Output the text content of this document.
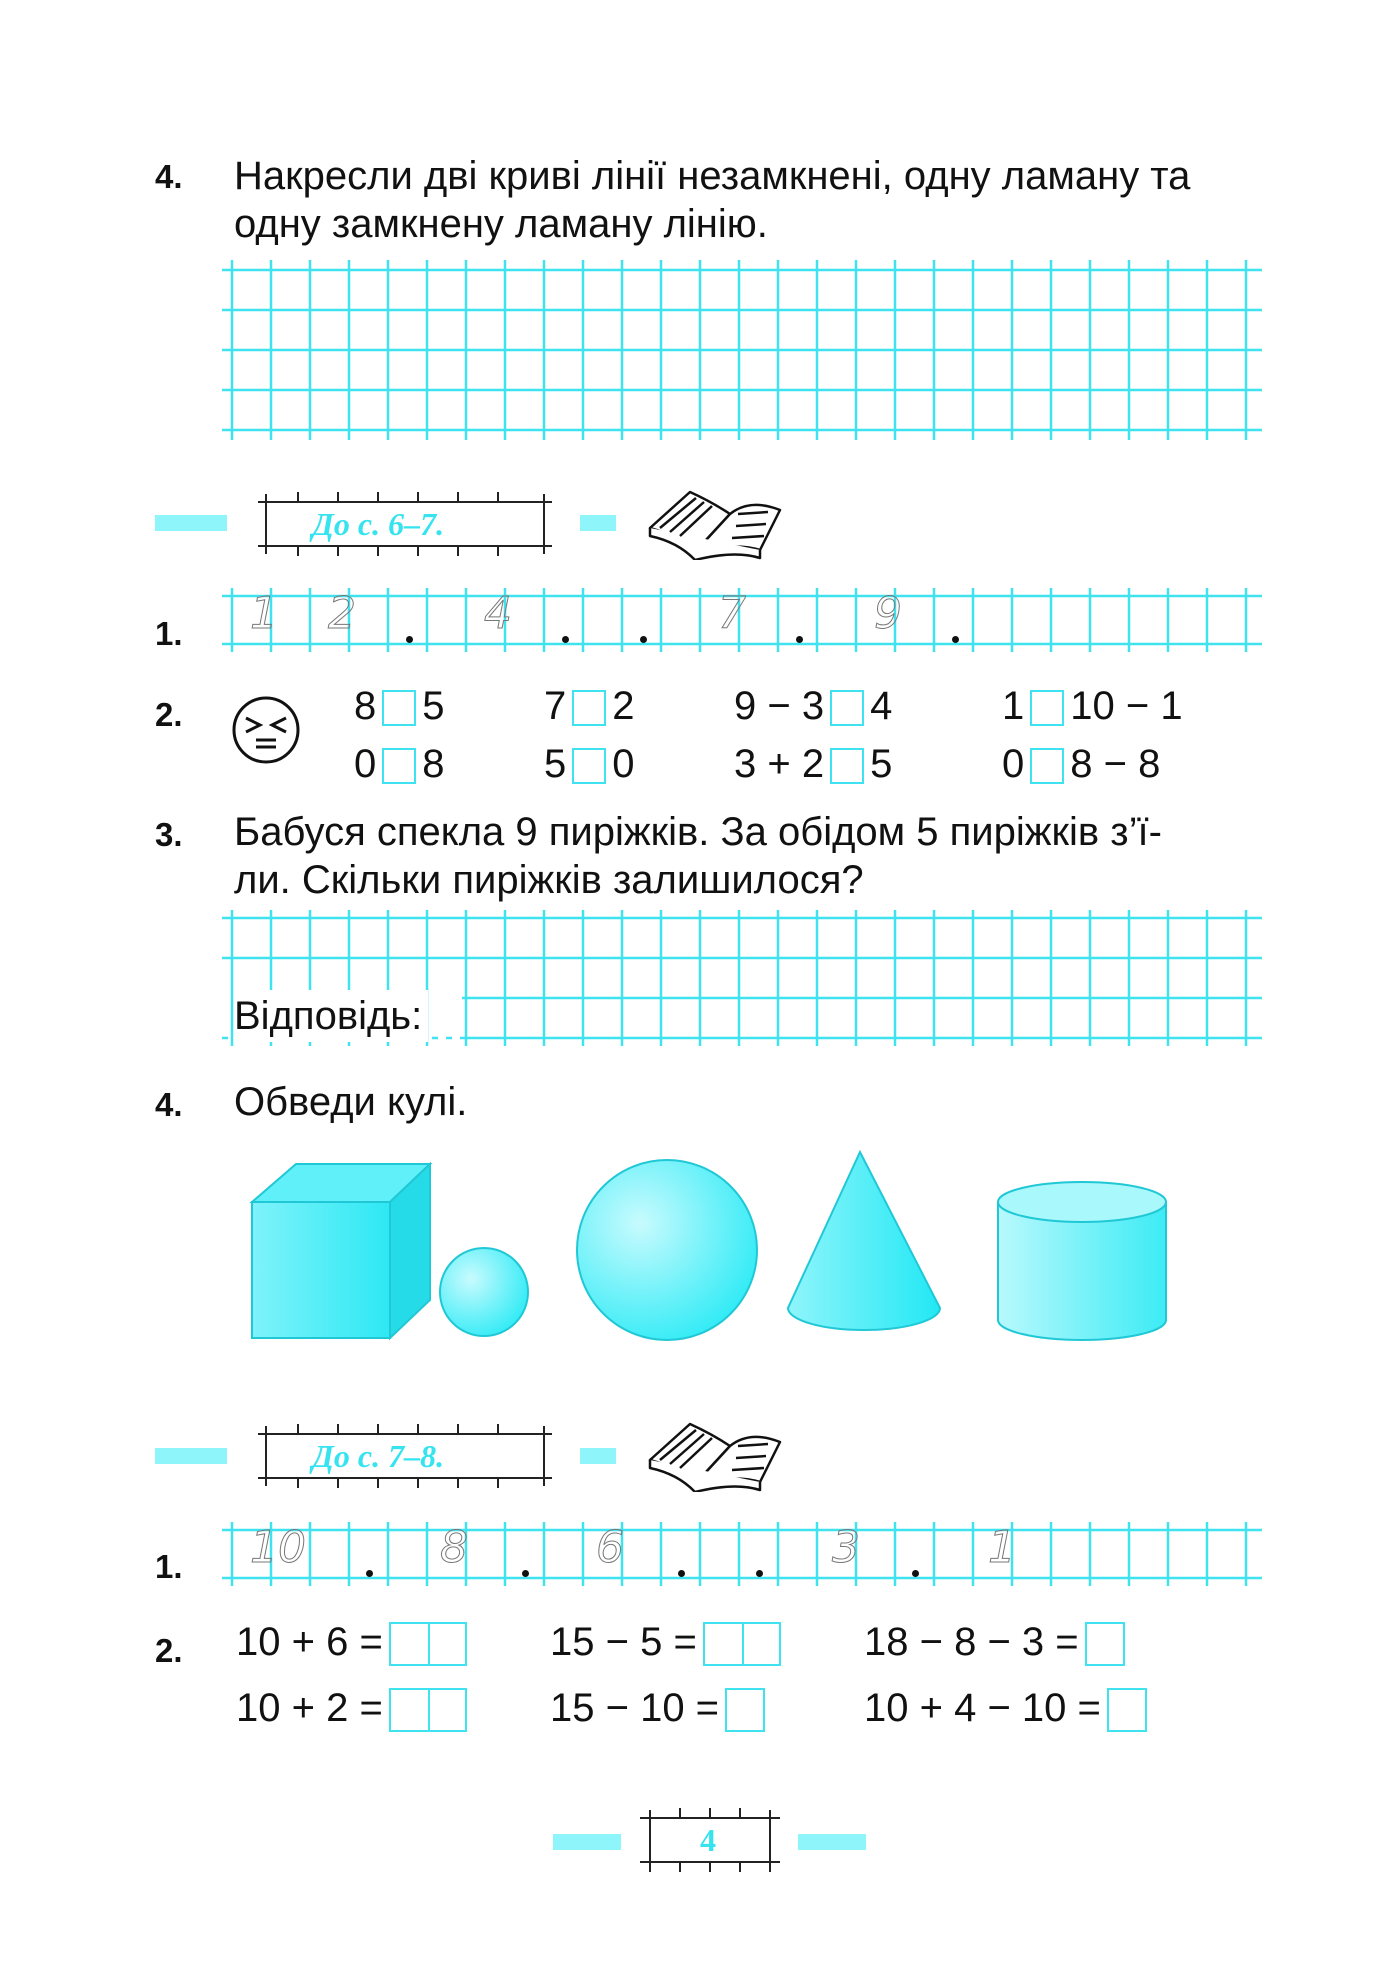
4. Накресли дві криві лінії незамкнені, одну ламану та
одну замкнену ламану лінію.
До с. 6–7.
1. 1 2	4	7	9
2.	8 5	7 2	9 − 3 4	1 10 − 1
0 8	5 0	3 + 2 5	0 8 − 8
3. Бабуся спекла 9 пиріжків. За обідом 5 пиріжків з’ї-
ли. Скільки пиріжків залишилося?
Відповідь:
4. Обведи кулі.
До с. 7–8.
1. 10	8	6	3	1
2. 10 + 6 =	15 − 5 =	18 − 8 − 3 =
10 + 2 =	15 − 10 =	10 + 4 − 10 =
4
